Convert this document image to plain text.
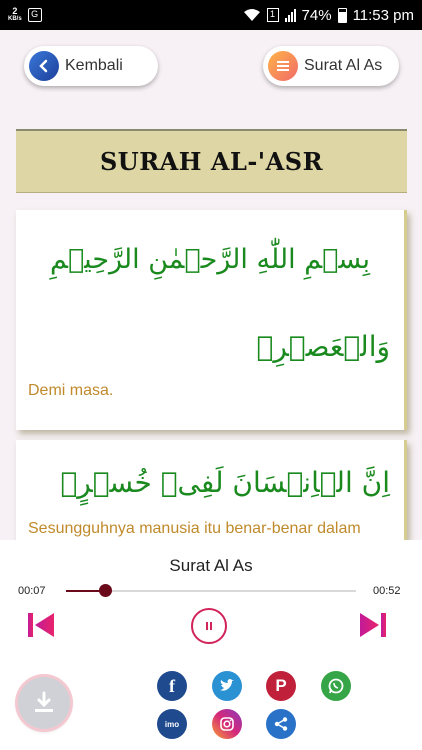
2
KB/s	G	1 74% 11:53 pm
Kembali	Surat Al As
SURAH AL-'ASR
بِسۡمِ اللّٰهِ الرَّحۡمٰنِ الرَّحِيۡمِ
وَالۡعَصۡرِۙ
Demi masa.
اِنَّ الۡاِنۡسَانَ لَفِىۡ خُسۡرٍۙ
Sesungguhnya manusia itu benar-benar dalam
Surat Al As
00:07	00:52
f	P
imo
